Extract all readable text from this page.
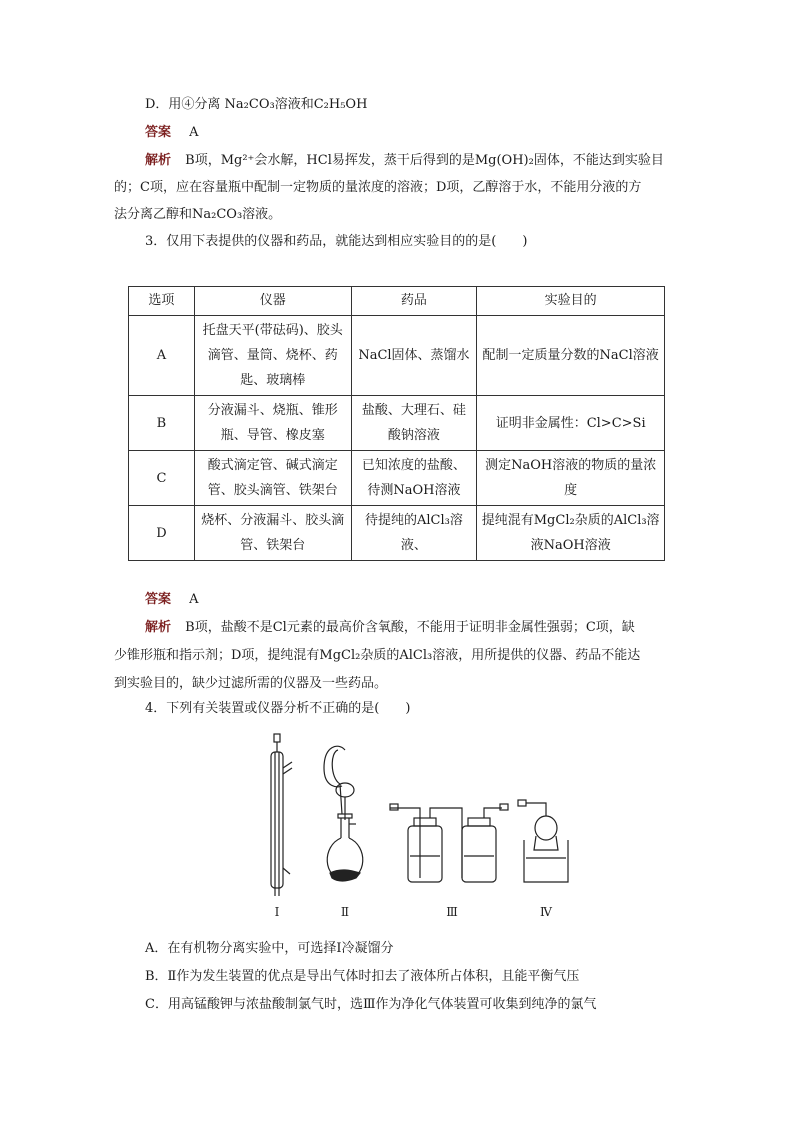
D．用④分离 Na₂CO₃溶液和C₂H₅OH
答案 A
解析 B项，Mg²⁺会水解，HCl易挥发，蒸干后得到的是Mg(OH)₂固体，不能达到实验目
的；C项，应在容量瓶中配制一定物质的量浓度的溶液；D项，乙醇溶于水，不能用分液的方
法分离乙醇和Na₂CO₃溶液。
3．仅用下表提供的仪器和药品，就能达到相应实验目的的是(　　)
选项	仪器	药品	实验目的
A	托盘天平(带砝码)、胶头滴管、量筒、烧杯、药匙、玻璃棒	NaCl固体、蒸馏水	配制一定质量分数的NaCl溶液
B	分液漏斗、烧瓶、锥形瓶、导管、橡皮塞	盐酸、大理石、硅酸钠溶液	证明非金属性：Cl>C>Si
C	酸式滴定管、碱式滴定管、胶头滴管、铁架台	已知浓度的盐酸、待测NaOH溶液	测定NaOH溶液的物质的量浓度
D	烧杯、分液漏斗、胶头滴管、铁架台	待提纯的AlCl₃溶液、	提纯混有MgCl₂杂质的AlCl₃溶液NaOH溶液
答案 A
解析 B项，盐酸不是Cl元素的最高价含氧酸，不能用于证明非金属性强弱；C项，缺
少锥形瓶和指示剂；D项，提纯混有MgCl₂杂质的AlCl₃溶液，用所提供的仪器、药品不能达
到实验目的，缺少过滤所需的仪器及一些药品。
4．下列有关装置或仪器分析不正确的是(　　)
Ⅰ	Ⅱ	Ⅲ	Ⅳ
A．在有机物分离实验中，可选择Ⅰ冷凝馏分
B．Ⅱ作为发生装置的优点是导出气体时扣去了液体所占体积，且能平衡气压
C．用高锰酸钾与浓盐酸制氯气时，选Ⅲ作为净化气体装置可收集到纯净的氯气
